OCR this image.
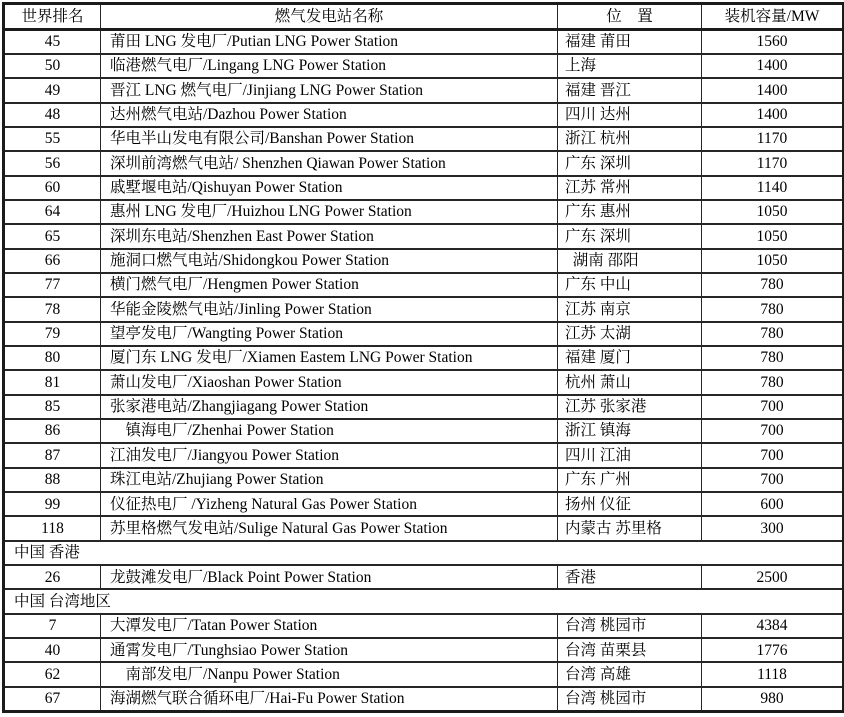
世界排名	燃气发电站名称	位　置	装机容量/MW
45	莆田 LNG 发电厂/Putian LNG Power Station	福建 莆田	1560
50	临港燃气电厂/Lingang LNG Power Station	上海	1400
49	晋江 LNG 燃气电厂/Jinjiang LNG Power Station	福建 晋江	1400
48	达州燃气电站/Dazhou Power Station	四川 达州	1400
55	华电半山发电有限公司/Banshan Power Station	浙江 杭州	1170
56	深圳前湾燃气电站/ Shenzhen Qiawan Power Station	广东 深圳	1170
60	戚墅堰电站/Qishuyan Power Station	江苏 常州	1140
64	惠州 LNG 发电厂/Huizhou LNG Power Station	广东 惠州	1050
65	深圳东电站/Shenzhen East Power Station	广东 深圳	1050
66	施洞口燃气电站/Shidongkou Power Station	 湖南 邵阳	1050
77	横门燃气电厂/Hengmen Power Station	广东 中山	780
78	华能金陵燃气电站/Jinling Power Station	江苏 南京	780
79	望亭发电厂/Wangting Power Station	江苏 太湖	780
80	厦门东 LNG 发电厂/Xiamen Eastem LNG Power Station	福建 厦门	780
81	萧山发电厂/Xiaoshan Power Station	杭州 萧山	780
85	张家港电站/Zhangjiagang Power Station	江苏 张家港	700
86	　镇海电厂/Zhenhai Power Station	浙江 镇海	700
87	江油发电厂/Jiangyou Power Station	四川 江油	700
88	珠江电站/Zhujiang Power Station	广东 广州	700
99	仪征热电厂 /Yizheng Natural Gas Power Station	扬州 仪征	600
118	苏里格燃气发电站/Sulige Natural Gas Power Station	内蒙古 苏里格	300
中国 香港			
26	龙鼓滩发电厂/Black Point Power Station	香港	2500
中国 台湾地区			
7	大潭发电厂/Tatan Power Station	台湾 桃园市	4384
40	通霄发电厂/Tunghsiao Power Station	台湾 苗栗县	1776
62	　南部发电厂/Nanpu Power Station	台湾 高雄	1118
67	海湖燃气联合循环电厂/Hai-Fu Power Station	台湾 桃园市	980
